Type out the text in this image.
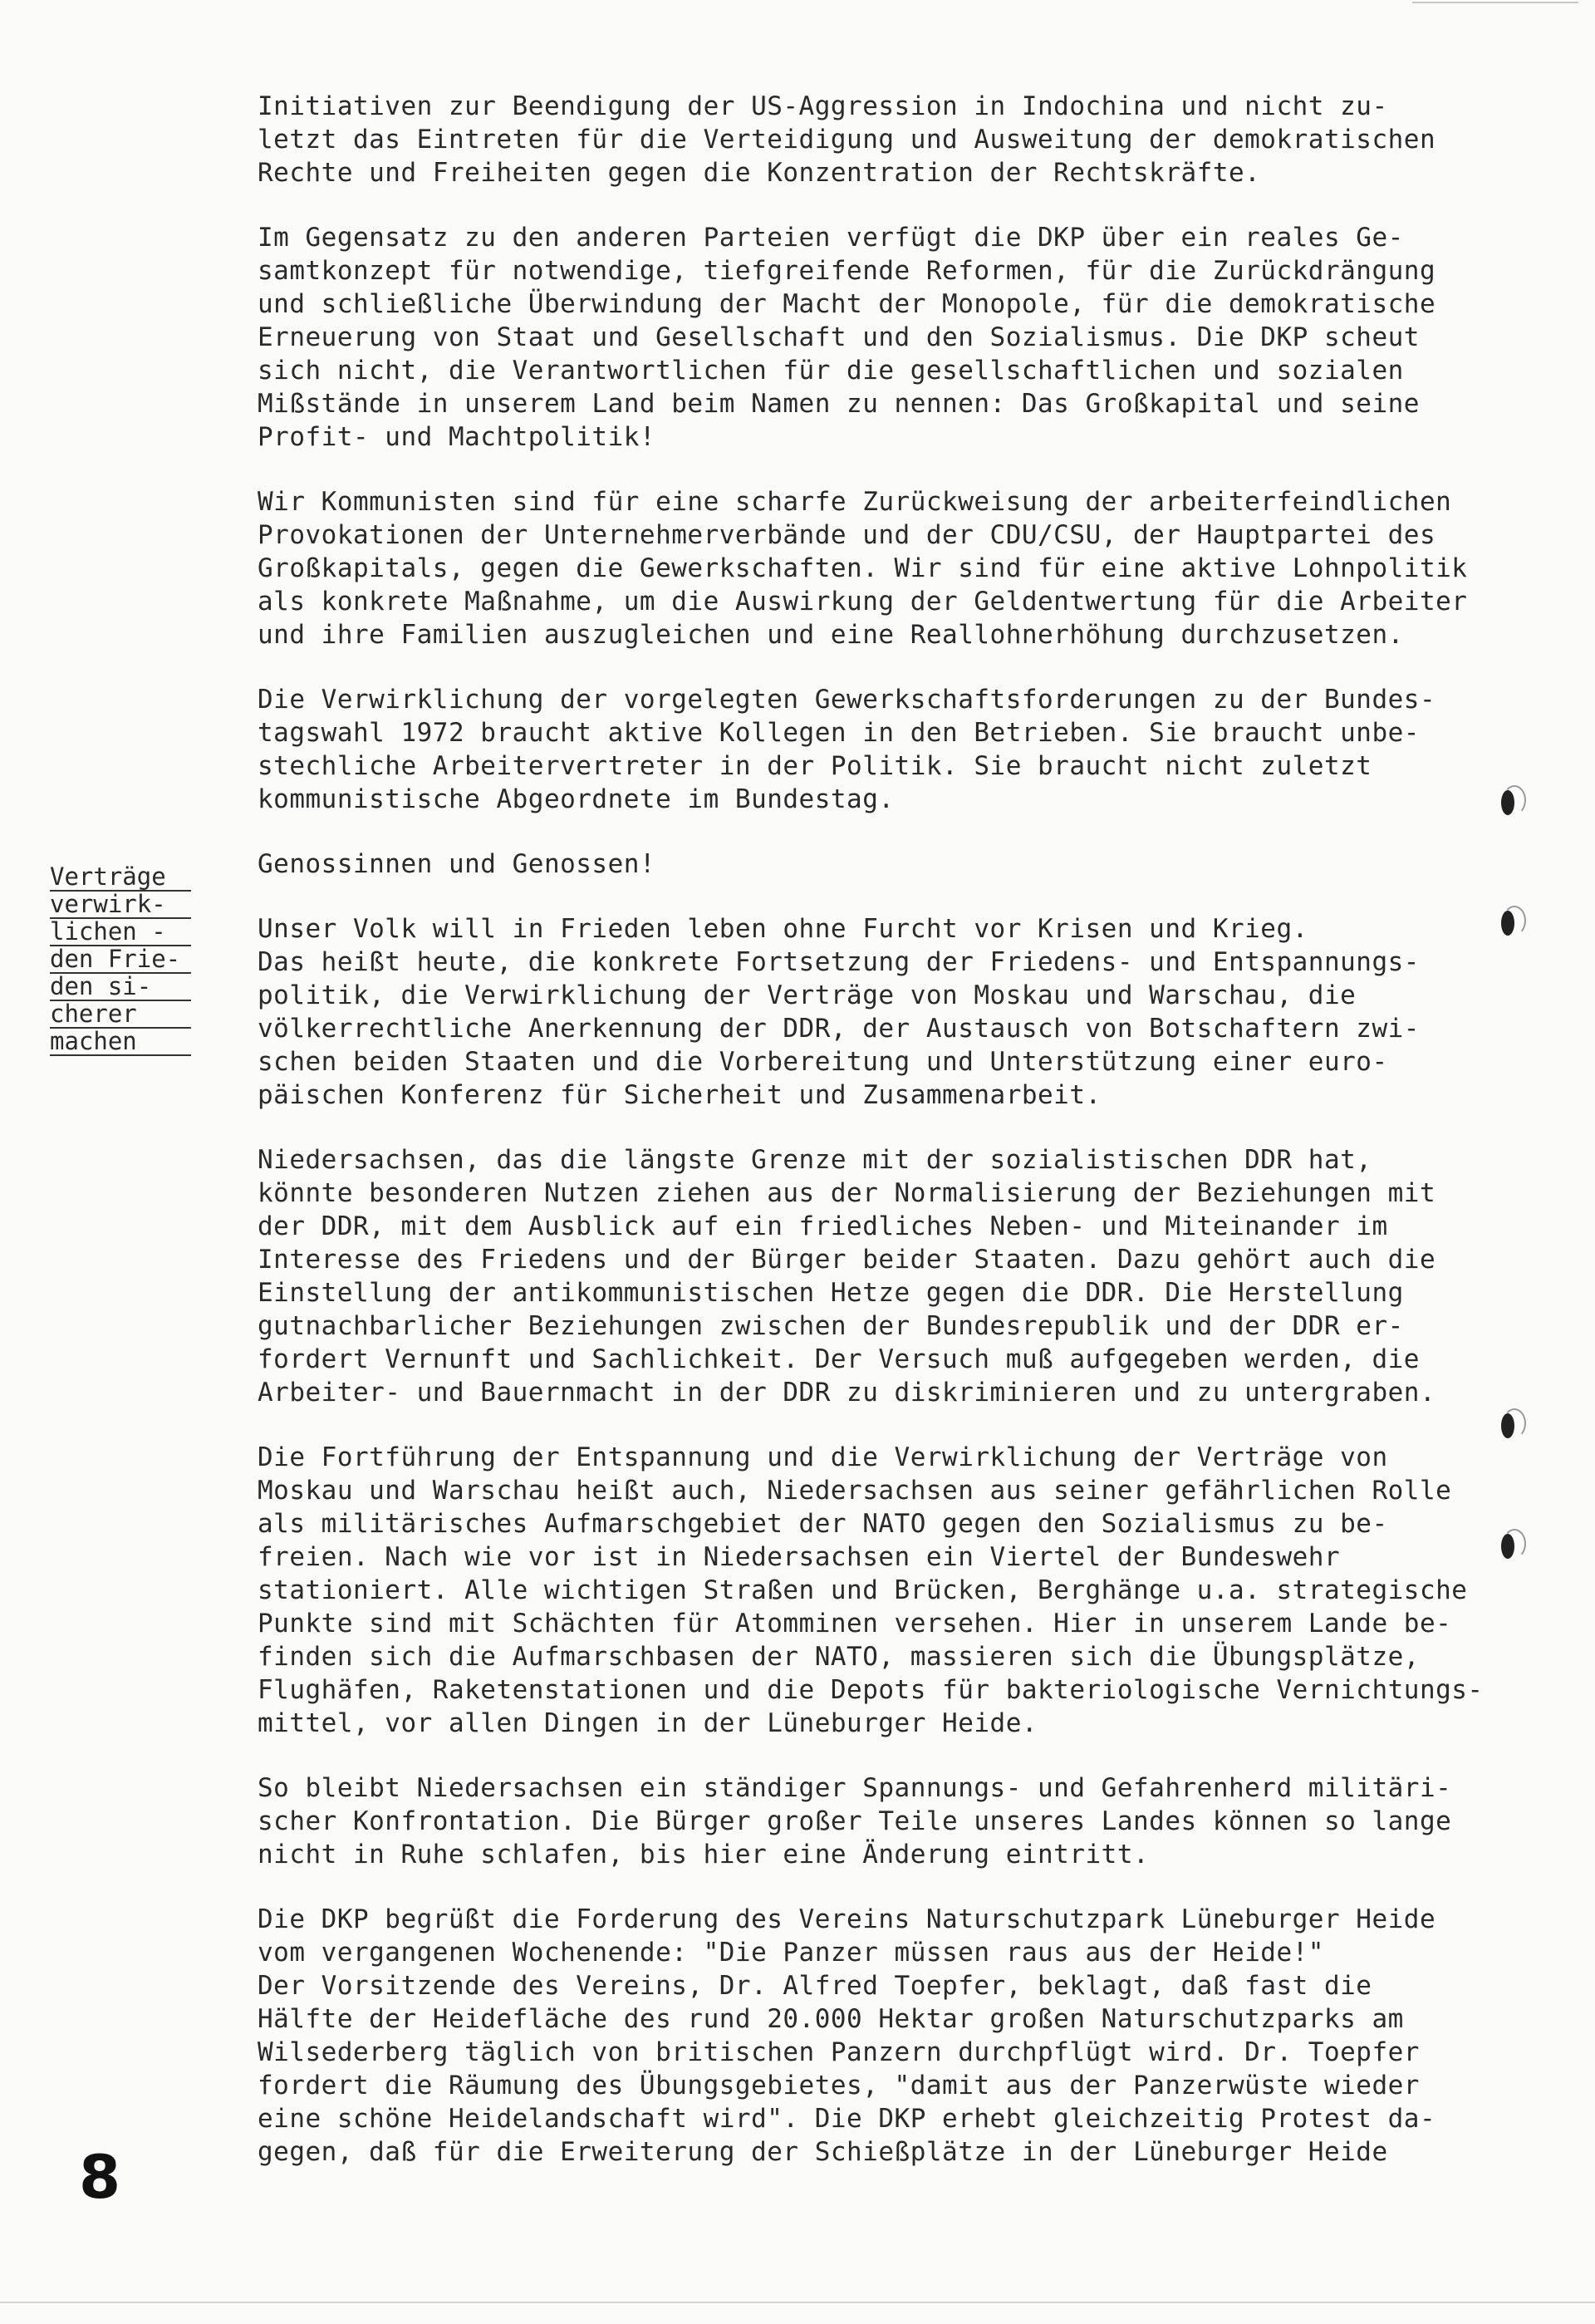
Verträge
verwirk-
lichen -
den Frie-
den si-
cherer
machen

Initiativen zur Beendigung der US-Aggression in Indochina und nicht zu-
letzt das Eintreten für die Verteidigung und Ausweitung der demokratischen
Rechte und Freiheiten gegen die Konzentration der Rechtskräfte.

Im Gegensatz zu den anderen Parteien verfügt die DKP über ein reales Ge-
samtkonzept für notwendige, tiefgreifende Reformen, für die Zurückdrängung
und schließliche Überwindung der Macht der Monopole, für die demokratische
Erneuerung von Staat und Gesellschaft und den Sozialismus. Die DKP scheut
sich nicht, die Verantwortlichen für die gesellschaftlichen und sozialen
Mißstände in unserem Land beim Namen zu nennen: Das Großkapital und seine
Profit- und Machtpolitik!

Wir Kommunisten sind für eine scharfe Zurückweisung der arbeiterfeindlichen
Provokationen der Unternehmerverbände und der CDU/CSU, der Hauptpartei des
Großkapitals, gegen die Gewerkschaften. Wir sind für eine aktive Lohnpolitik
als konkrete Maßnahme, um die Auswirkung der Geldentwertung für die Arbeiter
und ihre Familien auszugleichen und eine Reallohnerhöhung durchzusetzen.

Die Verwirklichung der vorgelegten Gewerkschaftsforderungen zu der Bundes-
tagswahl 1972 braucht aktive Kollegen in den Betrieben. Sie braucht unbe-
stechliche Arbeitervertreter in der Politik. Sie braucht nicht zuletzt
kommunistische Abgeordnete im Bundestag.

Genossinnen und Genossen!

Unser Volk will in Frieden leben ohne Furcht vor Krisen und Krieg.
Das heißt heute, die konkrete Fortsetzung der Friedens- und Entspannungs-
politik, die Verwirklichung der Verträge von Moskau und Warschau, die
völkerrechtliche Anerkennung der DDR, der Austausch von Botschaftern zwi-
schen beiden Staaten und die Vorbereitung und Unterstützung einer euro-
päischen Konferenz für Sicherheit und Zusammenarbeit.

Niedersachsen, das die längste Grenze mit der sozialistischen DDR hat,
könnte besonderen Nutzen ziehen aus der Normalisierung der Beziehungen mit
der DDR, mit dem Ausblick auf ein friedliches Neben- und Miteinander im
Interesse des Friedens und der Bürger beider Staaten. Dazu gehört auch die
Einstellung der antikommunistischen Hetze gegen die DDR. Die Herstellung
gutnachbarlicher Beziehungen zwischen der Bundesrepublik und der DDR er-
fordert Vernunft und Sachlichkeit. Der Versuch muß aufgegeben werden, die
Arbeiter- und Bauernmacht in der DDR zu diskriminieren und zu untergraben.

Die Fortführung der Entspannung und die Verwirklichung der Verträge von
Moskau und Warschau heißt auch, Niedersachsen aus seiner gefährlichen Rolle
als militärisches Aufmarschgebiet der NATO gegen den Sozialismus zu be-
freien. Nach wie vor ist in Niedersachsen ein Viertel der Bundeswehr
stationiert. Alle wichtigen Straßen und Brücken, Berghänge u.a. strategische
Punkte sind mit Schächten für Atomminen versehen. Hier in unserem Lande be-
finden sich die Aufmarschbasen der NATO, massieren sich die Übungsplätze,
Flughäfen, Raketenstationen und die Depots für bakteriologische Vernichtungs-
mittel, vor allen Dingen in der Lüneburger Heide.

So bleibt Niedersachsen ein ständiger Spannungs- und Gefahrenherd militäri-
scher Konfrontation. Die Bürger großer Teile unseres Landes können so lange
nicht in Ruhe schlafen, bis hier eine Änderung eintritt.

Die DKP begrüßt die Forderung des Vereins Naturschutzpark Lüneburger Heide
vom vergangenen Wochenende: "Die Panzer müssen raus aus der Heide!"
Der Vorsitzende des Vereins, Dr. Alfred Toepfer, beklagt, daß fast die
Hälfte der Heidefläche des rund 20.000 Hektar großen Naturschutzparks am
Wilsederberg täglich von britischen Panzern durchpflügt wird. Dr. Toepfer
fordert die Räumung des Übungsgebietes, "damit aus der Panzerwüste wieder
eine schöne Heidelandschaft wird". Die DKP erhebt gleichzeitig Protest da-
gegen, daß für die Erweiterung der Schießplätze in der Lüneburger Heide

8
